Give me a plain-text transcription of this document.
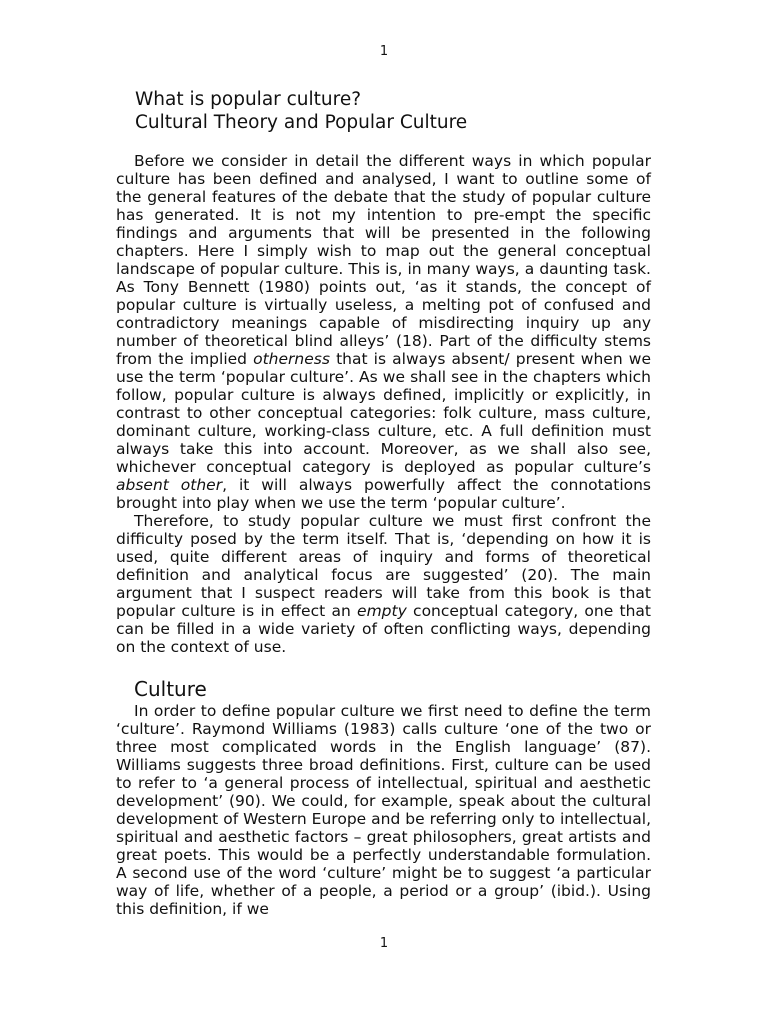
1
What is popular culture?
Cultural Theory and Popular Culture

Before we consider in detail the different ways in which popular culture has been defined and analysed, I want to outline some of the general features of the debate that the study of popular culture has generated. It is not my intention to pre-empt the specific findings and arguments that will be presented in the following chapters. Here I simply wish to map out the general conceptual landscape of popular culture. This is, in many ways, a daunting task. As Tony Bennett (1980) points out, ‘as it stands, the concept of popular culture is virtually useless, a melting pot of confused and contradictory meanings capable of misdirecting inquiry up any number of theoretical blind alleys’ (18). Part of the difficulty stems from the implied otherness that is always absent/ present when we use the term ‘popular culture’. As we shall see in the chapters which follow, popular culture is always defined, implicitly or explicitly, in contrast to other conceptual categories: folk culture, mass culture, dominant culture, working-class culture, etc. A full definition must always take this into account. Moreover, as we shall also see, whichever conceptual category is deployed as popular culture’s absent other, it will always powerfully affect the connotations brought into play when we use the term ‘popular culture’.

Therefore, to study popular culture we must first confront the difficulty posed by the term itself. That is, ‘depending on how it is used, quite different areas of inquiry and forms of theoretical definition and analytical focus are suggested’ (20). The main argument that I suspect readers will take from this book is that popular culture is in effect an empty conceptual category, one that can be filled in a wide variety of often conflicting ways, depending on the context of use.

Culture

In order to define popular culture we first need to define the term ‘culture’. Raymond Williams (1983) calls culture ‘one of the two or three most complicated words in the English language’ (87). Williams suggests three broad definitions. First, culture can be used to refer to ‘a general process of intellectual, spiritual and aesthetic development’ (90). We could, for example, speak about the cultural development of Western Europe and be referring only to intellectual, spiritual and aesthetic factors – great philosophers, great artists and great poets. This would be a perfectly understandable formulation. A second use of the word ‘culture’ might be to suggest ‘a particular way of life, whether of a people, a period or a group’ (ibid.). Using this definition, if we

1
